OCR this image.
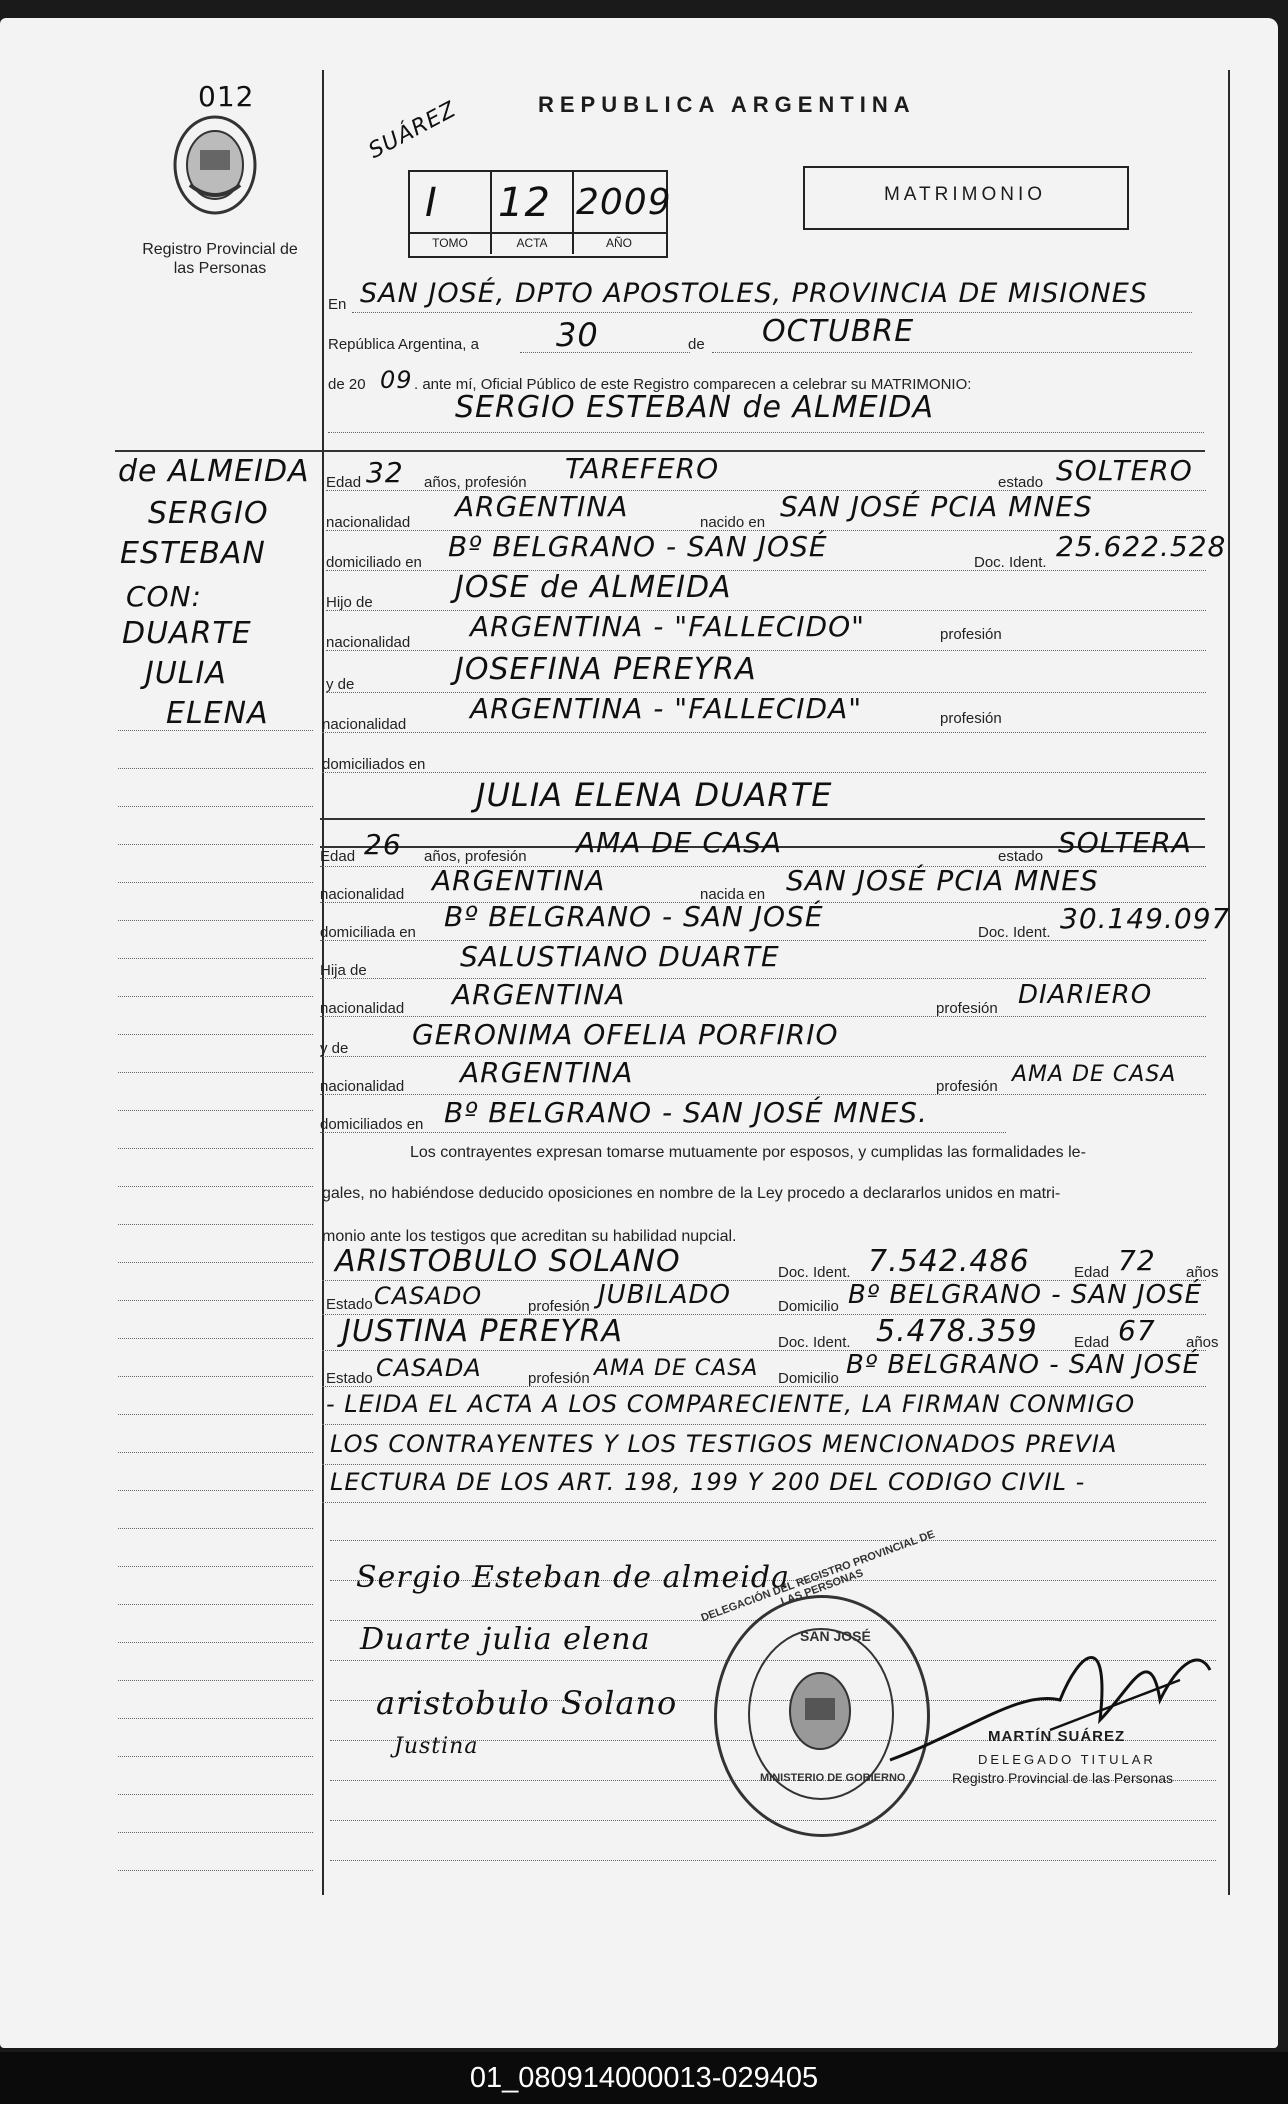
012
Registro Provincial de las Personas
SUÁREZ	REPUBLICA ARGENTINA
I 12 2009
TOMO	ACTA	AÑO
MATRIMONIO
En SAN JOSÉ, DPTO APOSTOLES, PROVINCIA DE MISIONES
República Argentina, a 30	de OCTUBRE
de 20 09 . ante mí, Oficial Público de este Registro comparecen a celebrar su MATRIMONIO:
SERGIO ESTEBAN de ALMEIDA
de ALMEIDA
SERGIO
ESTEBAN
CON:
DUARTE
JULIA
ELENA
Edad 32 años, profesión TAREFERO	estado SOLTERO
nacionalidad ARGENTINA	nacido en SAN JOSÉ PCIA MNES
domiciliado en Bº BELGRANO - SAN JOSÉ	Doc. Ident. 25.622.528
Hijo de	JOSE de ALMEIDA
nacionalidad ARGENTINA - "FALLECIDO"	profesión
y de	JOSEFINA PEREYRA
nacionalidad ARGENTINA - "FALLECIDA"	profesión
domiciliados en
JULIA ELENA DUARTE
Edad 26 años, profesión AMA DE CASA	estado SOLTERA
nacionalidad ARGENTINA	nacida en SAN JOSÉ PCIA MNES
domiciliada en Bº BELGRANO - SAN JOSÉ	Doc. Ident. 30.149.097
Hija de	SALUSTIANO DUARTE
nacionalidad ARGENTINA	profesión DIARIERO
y de GERONIMA OFELIA PORFIRIO
nacionalidad ARGENTINA	profesión AMA DE CASA
domiciliados en Bº BELGRANO - SAN JOSÉ MNES.
Los contrayentes expresan tomarse mutuamente por esposos, y cumplidas las formalidades le-
gales, no habiéndose deducido oposiciones en nombre de la Ley procedo a declararlos unidos en matri-
monio ante los testigos que acreditan su habilidad nupcial.
ARISTOBULO SOLANO	Doc. Ident. 7.542.486	Edad 72 años
Estado CASADO	profesión JUBILADO	Domicilio Bº BELGRANO - SAN JOSÉ
JUSTINA PEREYRA	Doc. Ident. 5.478.359 Edad 67 años
Estado CASADA	profesión AMA DE CASA Domicilio Bº BELGRANO - SAN JOSÉ
- LEIDA EL ACTA A LOS COMPARECIENTE, LA FIRMAN CONMIGO
LOS CONTRAYENTES Y LOS TESTIGOS MENCIONADOS PREVIA
LECTURA DE LOS ART. 198, 199 Y 200 DEL CODIGO CIVIL -
Sergio Esteban de almeida
Duarte julia elena
aristobulo Solano
Justina
DELEGACIÓN DEL REGISTRO PROVINCIAL DE LAS PERSONAS
SAN JOSÉ
MINISTERIO DE GOBIERNO
MARTÍN SUÁREZ
DELEGADO TITULAR
Registro Provincial de las Personas
01_080914000013-029405
